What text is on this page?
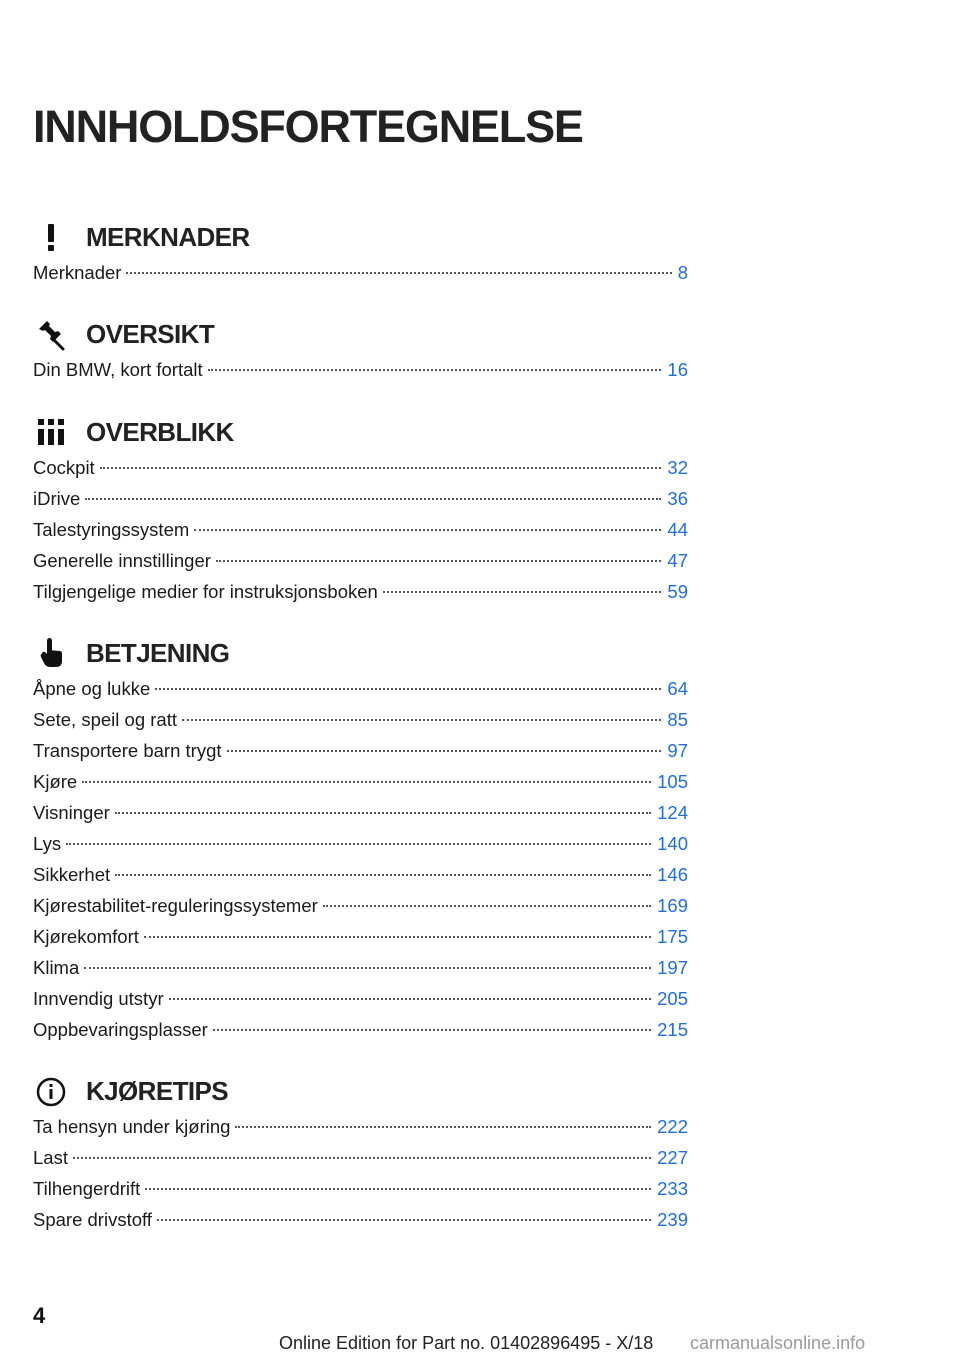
INNHOLDSFORTEGNELSE
MERKNADER
Merknader	8
OVERSIKT
Din BMW, kort fortalt	16
OVERBLIKK
Cockpit	32
iDrive	36
Talestyringssystem	44
Generelle innstillinger	47
Tilgjengelige medier for instruksjonsboken	59
BETJENING
Åpne og lukke	64
Sete, speil og ratt	85
Transportere barn trygt	97
Kjøre	105
Visninger	124
Lys	140
Sikkerhet	146
Kjørestabilitet-reguleringssystemer	169
Kjørekomfort	175
Klima	197
Innvendig utstyr	205
Oppbevaringsplasser	215
KJØRETIPS
Ta hensyn under kjøring	222
Last	227
Tilhengerdrift	233
Spare drivstoff	239
4
Online Edition for Part no. 01402896495 - X/18 carmanualsonline.info
